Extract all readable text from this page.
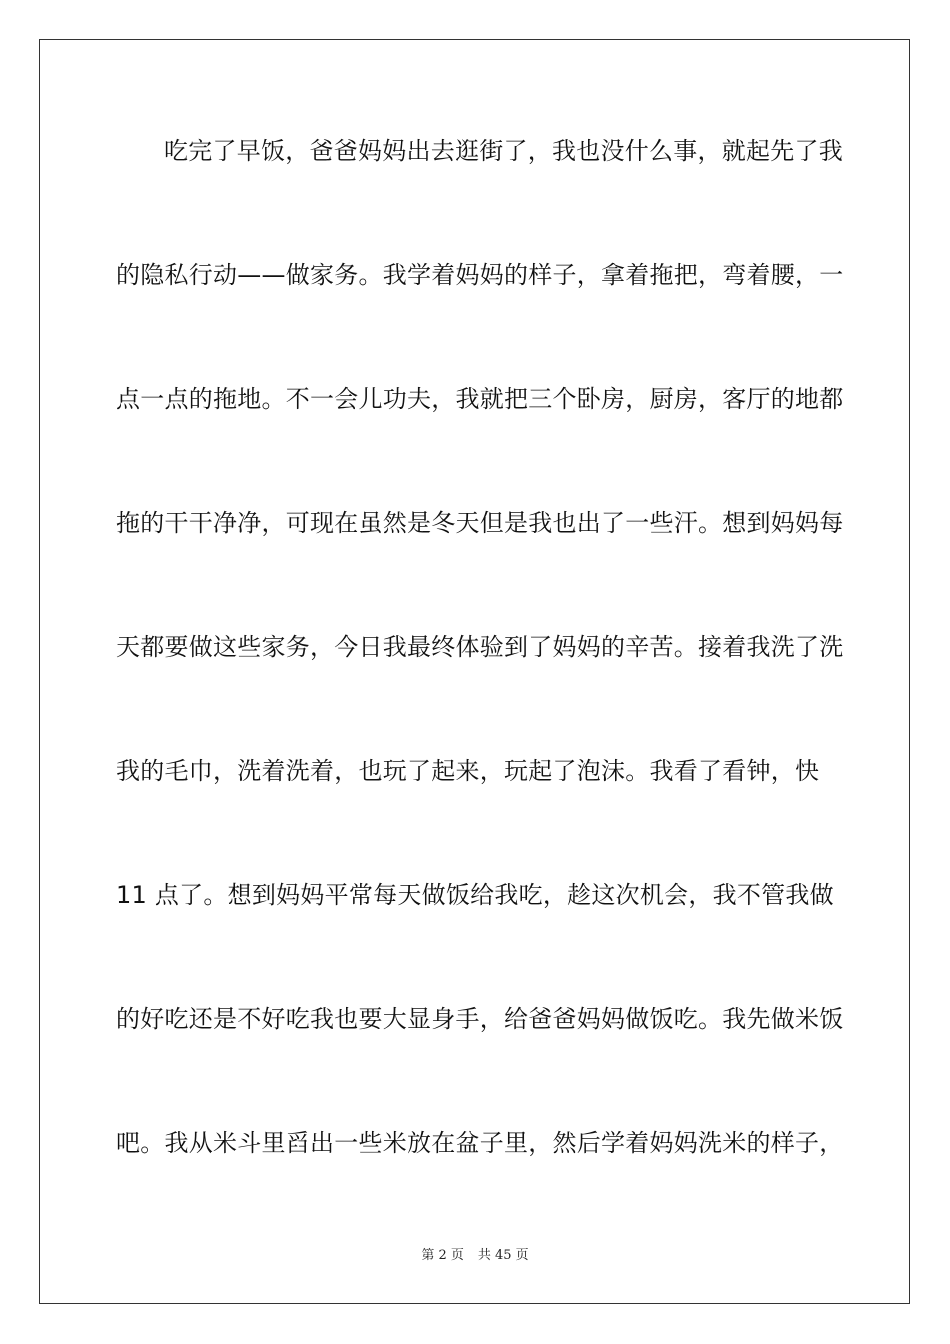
吃完了早饭，爸爸妈妈出去逛街了，我也没什么事，就起先了我
的隐私行动——做家务。我学着妈妈的样子，拿着拖把，弯着腰，一
点一点的拖地。不一会儿功夫，我就把三个卧房，厨房，客厅的地都
拖的干干净净，可现在虽然是冬天但是我也出了一些汗。想到妈妈每
天都要做这些家务，今日我最终体验到了妈妈的辛苦。接着我洗了洗
我的毛巾，洗着洗着，也玩了起来，玩起了泡沫。我看了看钟，快
11 点了。想到妈妈平常每天做饭给我吃，趁这次机会，我不管我做
的好吃还是不好吃我也要大显身手，给爸爸妈妈做饭吃。我先做米饭
吧。我从米斗里舀出一些米放在盆子里，然后学着妈妈洗米的样子，
第 2 页 共 45 页
